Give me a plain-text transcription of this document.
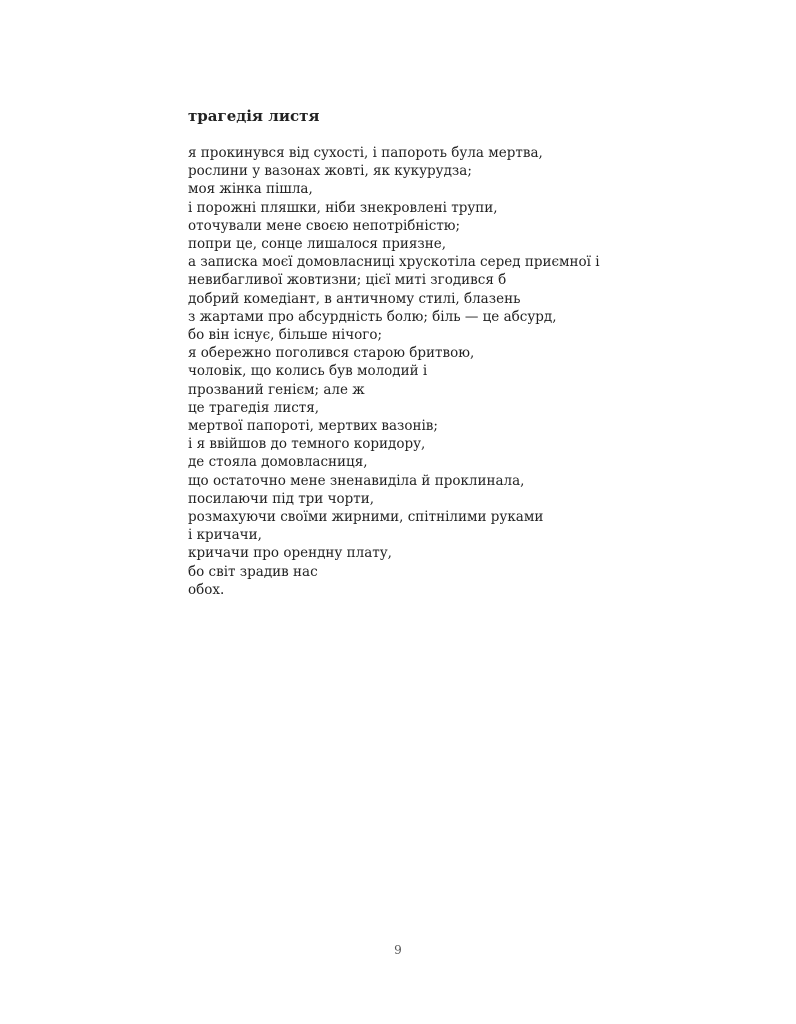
трагедія листя
я прокинувся від сухості, і папороть була мертва,
рослини у вазонах жовті, як кукурудза;
моя жінка пішла,
і порожні пляшки, ніби знекровлені трупи,
оточували мене своєю непотрібністю;
попри це, сонце лишалося приязне,
а записка моєї домовласниці хрускотіла серед приємної і
невибагливої жовтизни; цієї миті згодився б
добрий комедіант, в античному стилі, блазень
з жартами про абсурдність болю; біль — це абсурд,
бо він існує, більше нічого;
я обережно поголився старою бритвою,
чоловік, що колись був молодий і
прозваний генієм; але ж
це трагедія листя,
мертвої папороті, мертвих вазонів;
і я ввійшов до темного коридору,
де стояла домовласниця,
що остаточно мене зненавиділа й проклинала,
посилаючи під три чорти,
розмахуючи своїми жирними, спітнілими руками
і кричачи,
кричачи про орендну плату,
бо світ зрадив нас
обох.
9
